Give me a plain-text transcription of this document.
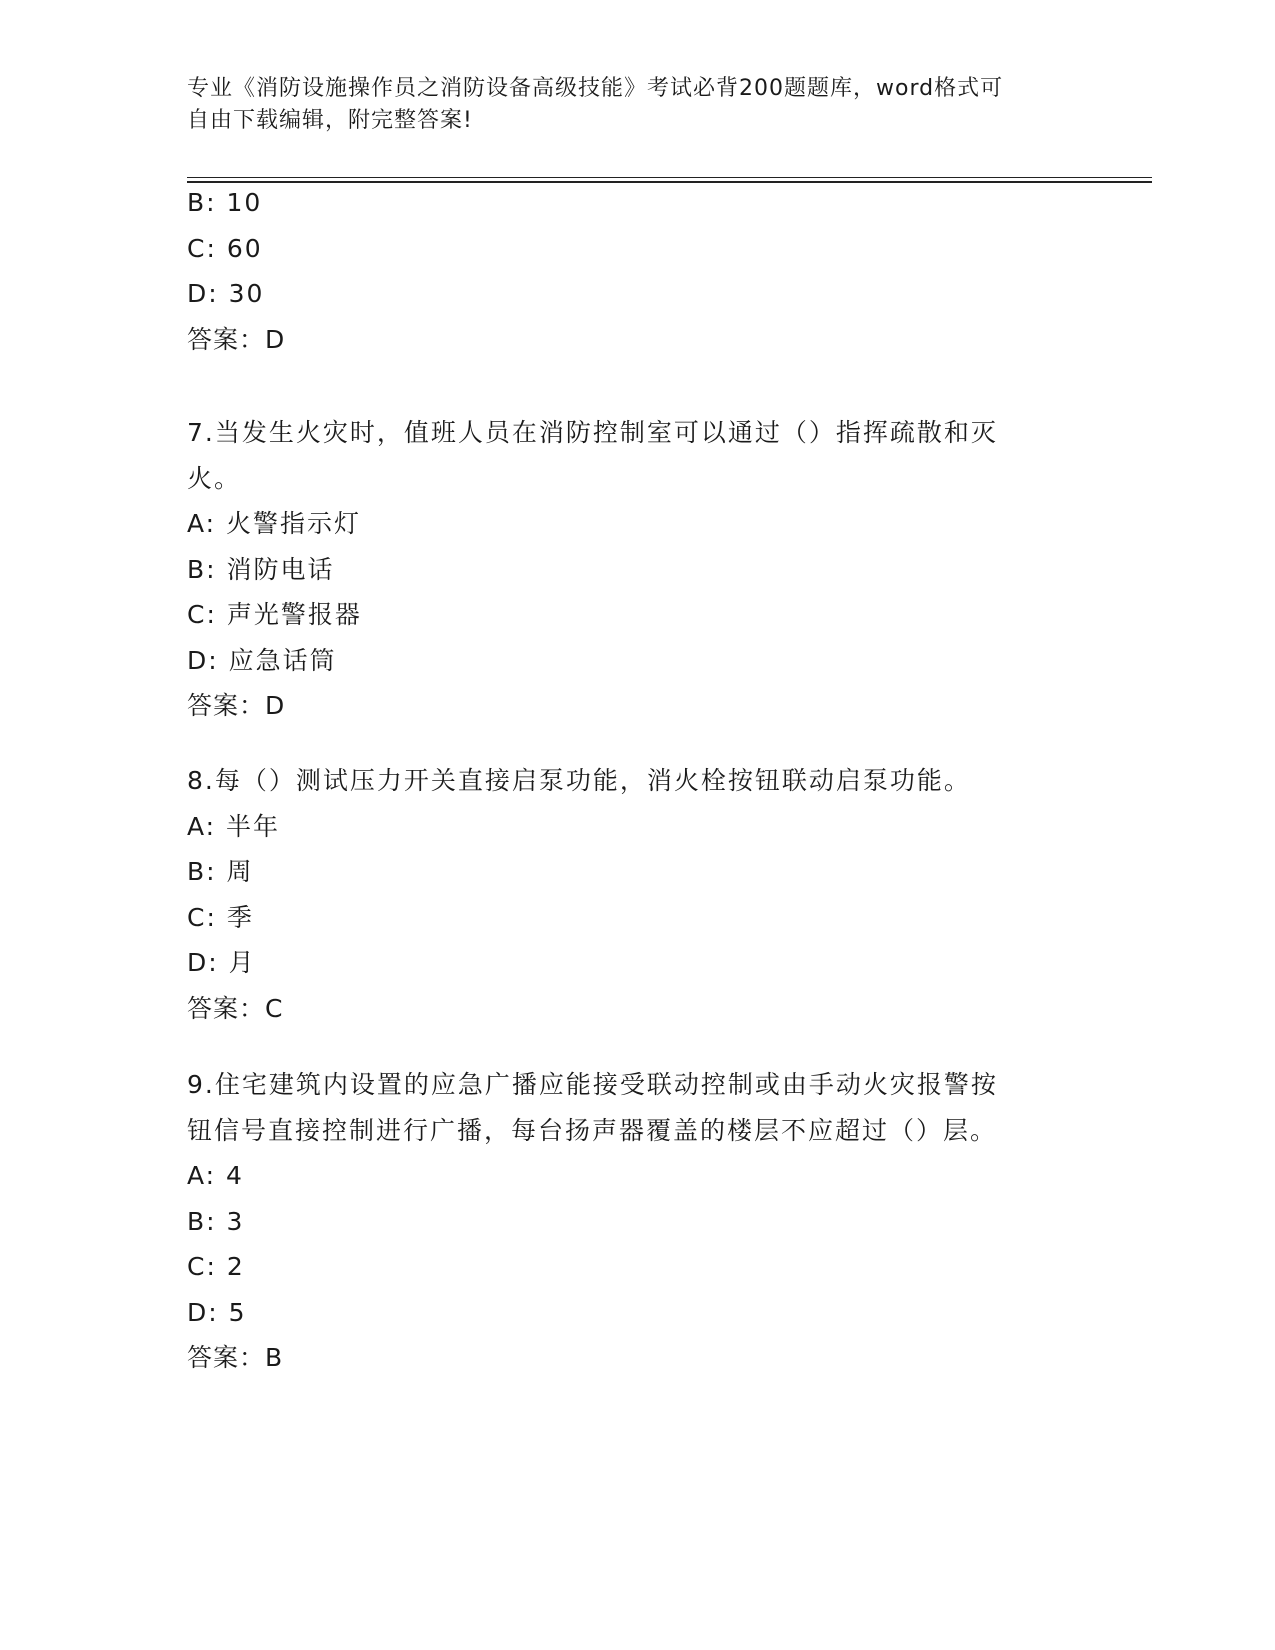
专业《消防设施操作员之消防设备高级技能》考试必背200题题库，word格式可
自由下载编辑，附完整答案!
B: 10
C: 60
D: 30
答案：D
7.当发生火灾时，值班人员在消防控制室可以通过（）指挥疏散和灭
火。
A: 火警指示灯
B: 消防电话
C: 声光警报器
D: 应急话筒
答案：D
8.每（）测试压力开关直接启泵功能，消火栓按钮联动启泵功能。
A: 半年
B: 周
C: 季
D: 月
答案：C
9.住宅建筑内设置的应急广播应能接受联动控制或由手动火灾报警按
钮信号直接控制进行广播，每台扬声器覆盖的楼层不应超过（）层。
A: 4
B: 3
C: 2
D: 5
答案：B
